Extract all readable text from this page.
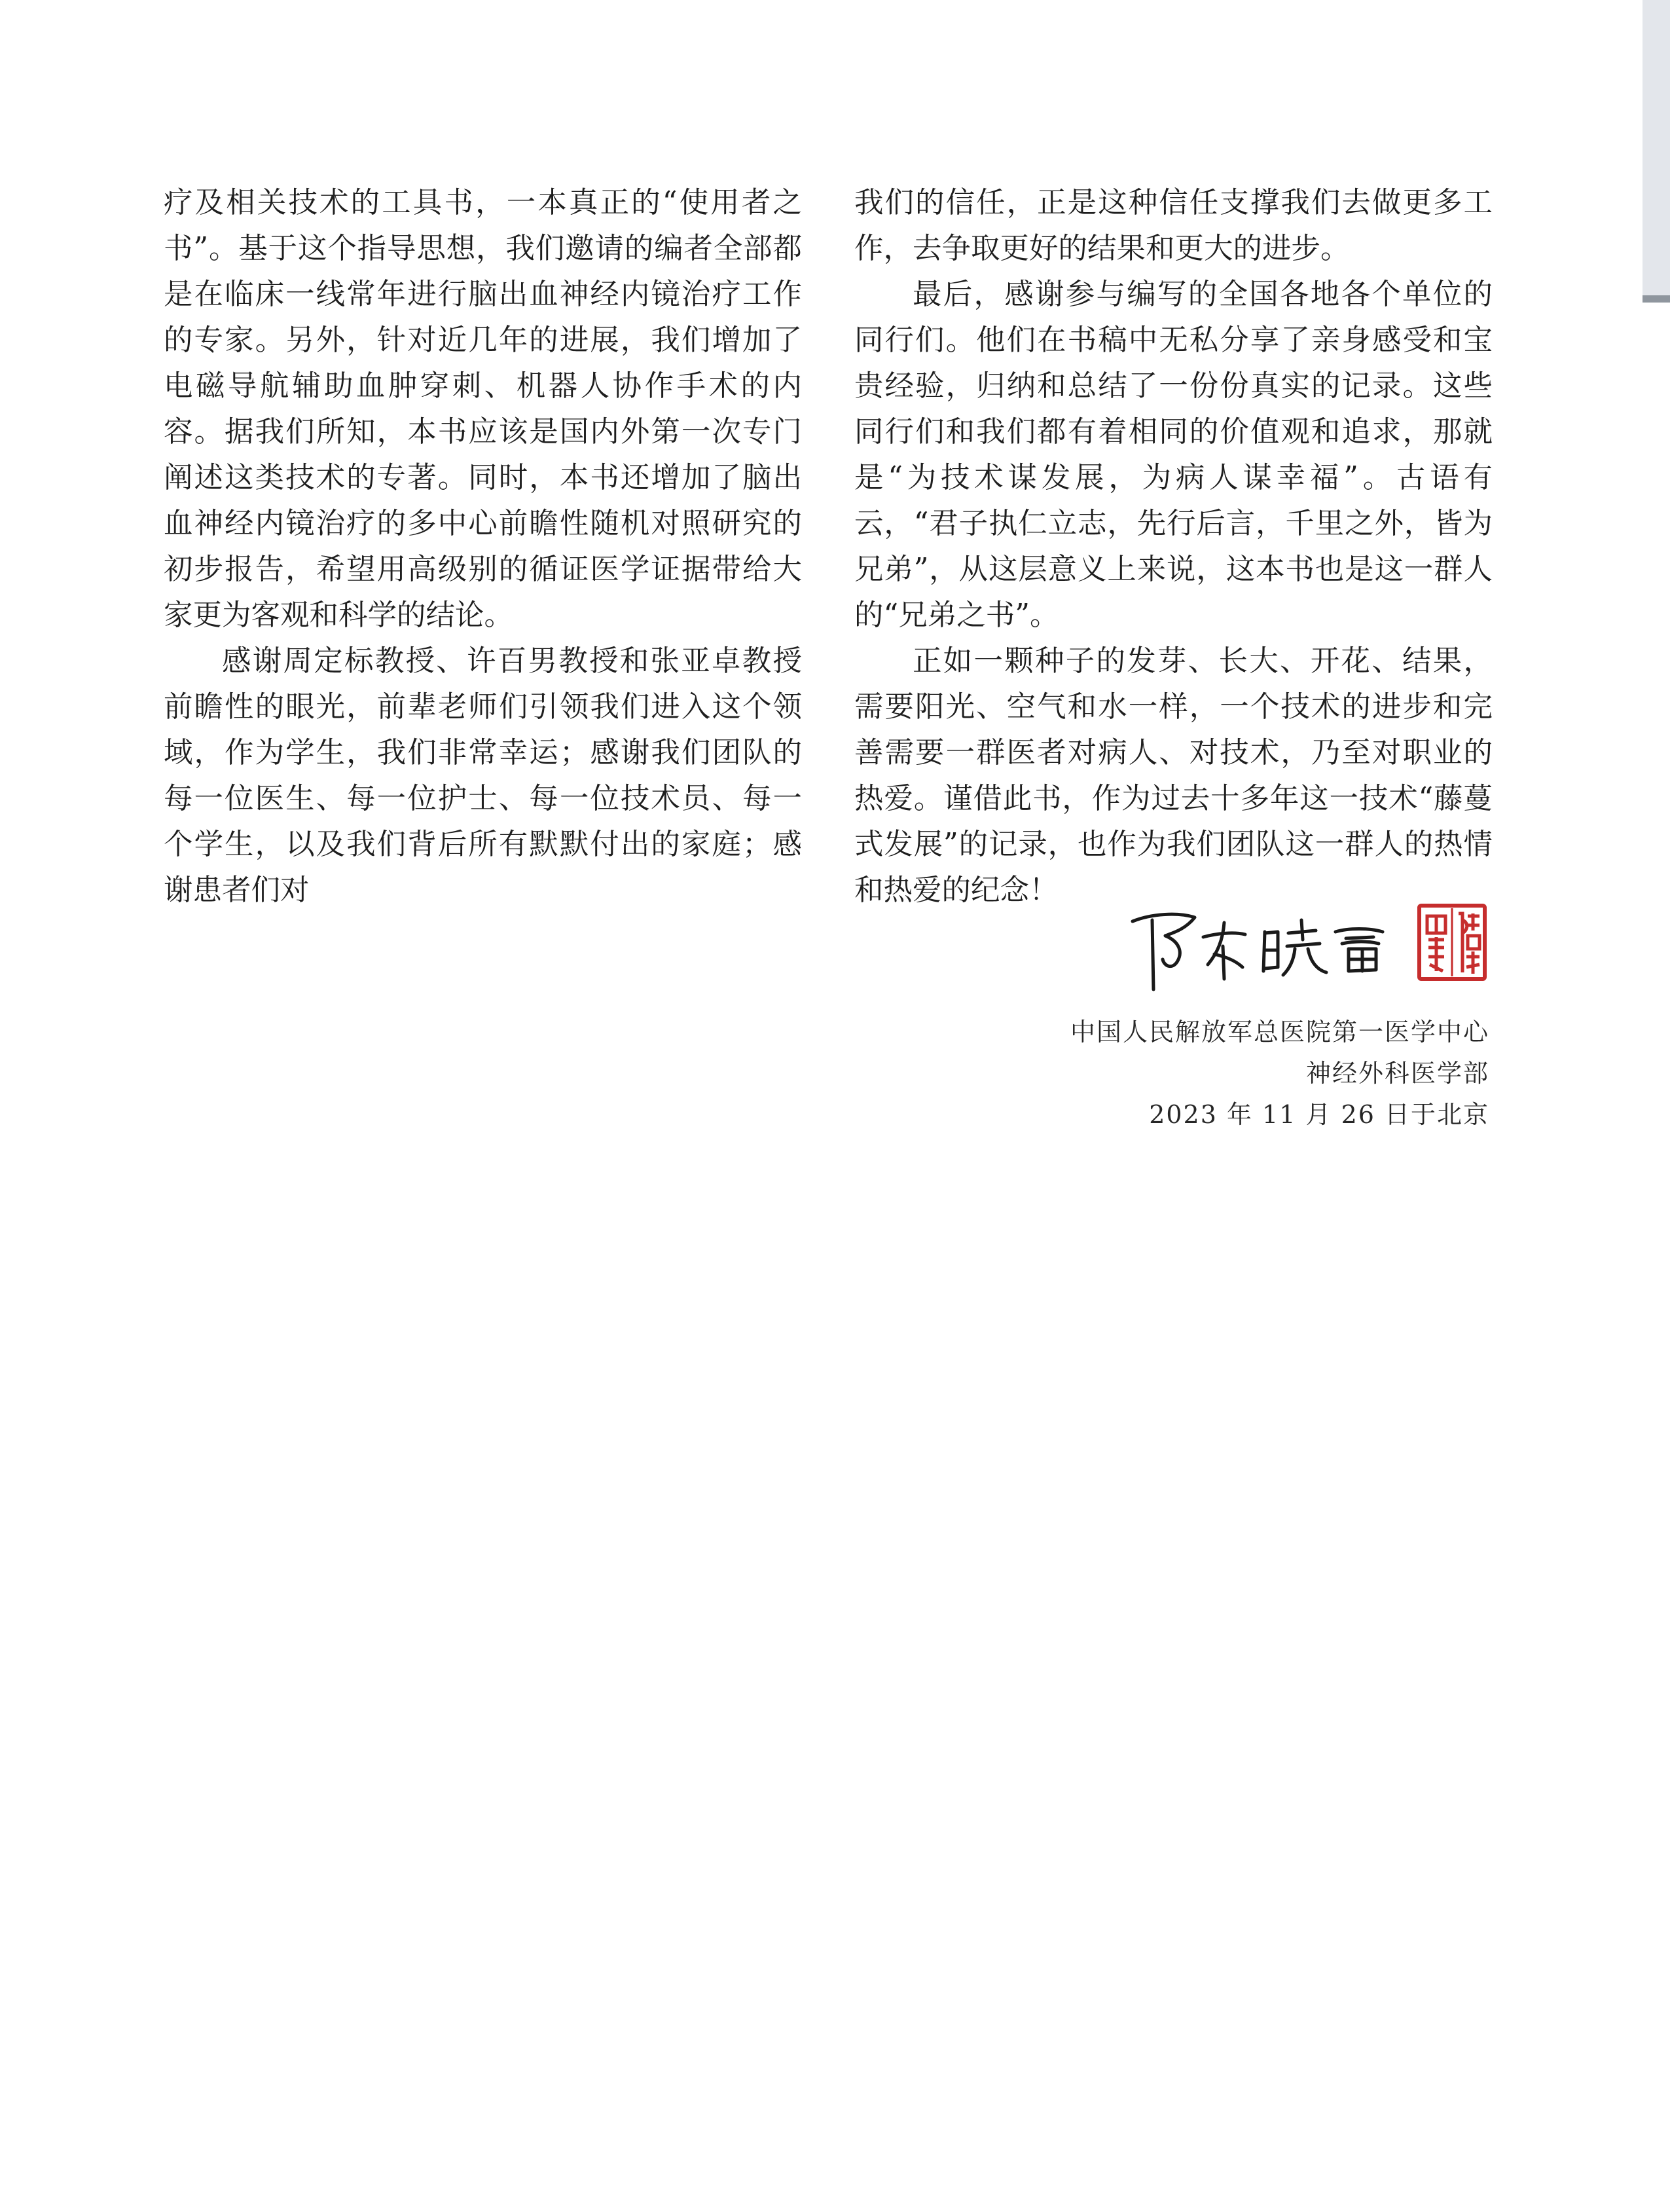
疗及相关技术的工具书，一本真正的“使用者之书”。基于这个指导思想，我们邀请的编者全部都是在临床一线常年进行脑出血神经内镜治疗工作的专家。另外，针对近几年的进展，我们增加了电磁导航辅助血肿穿刺、机器人协作手术的内容。据我们所知，本书应该是国内外第一次专门阐述这类技术的专著。同时，本书还增加了脑出血神经内镜治疗的多中心前瞻性随机对照研究的初步报告，希望用高级别的循证医学证据带给大家更为客观和科学的结论。

感谢周定标教授、许百男教授和张亚卓教授前瞻性的眼光，前辈老师们引领我们进入这个领域，作为学生，我们非常幸运；感谢我们团队的每一位医生、每一位护士、每一位技术员、每一个学生，以及我们背后所有默默付出的家庭；感谢患者们对

我们的信任，正是这种信任支撑我们去做更多工作，去争取更好的结果和更大的进步。

最后，感谢参与编写的全国各地各个单位的同行们。他们在书稿中无私分享了亲身感受和宝贵经验，归纳和总结了一份份真实的记录。这些同行们和我们都有着相同的价值观和追求，那就是“为技术谋发展，为病人谋幸福”。古语有云，“君子执仁立志，先行后言，千里之外，皆为兄弟”，从这层意义上来说，这本书也是这一群人的“兄弟之书”。

正如一颗种子的发芽、长大、开花、结果，需要阳光、空气和水一样，一个技术的进步和完善需要一群医者对病人、对技术，乃至对职业的热爱。谨借此书，作为过去十多年这一技术“藤蔓式发展”的记录，也作为我们团队这一群人的热情和热爱的纪念！

中国人民解放军总医院第一医学中心
神经外科医学部
2023 年 11 月 26 日于北京
